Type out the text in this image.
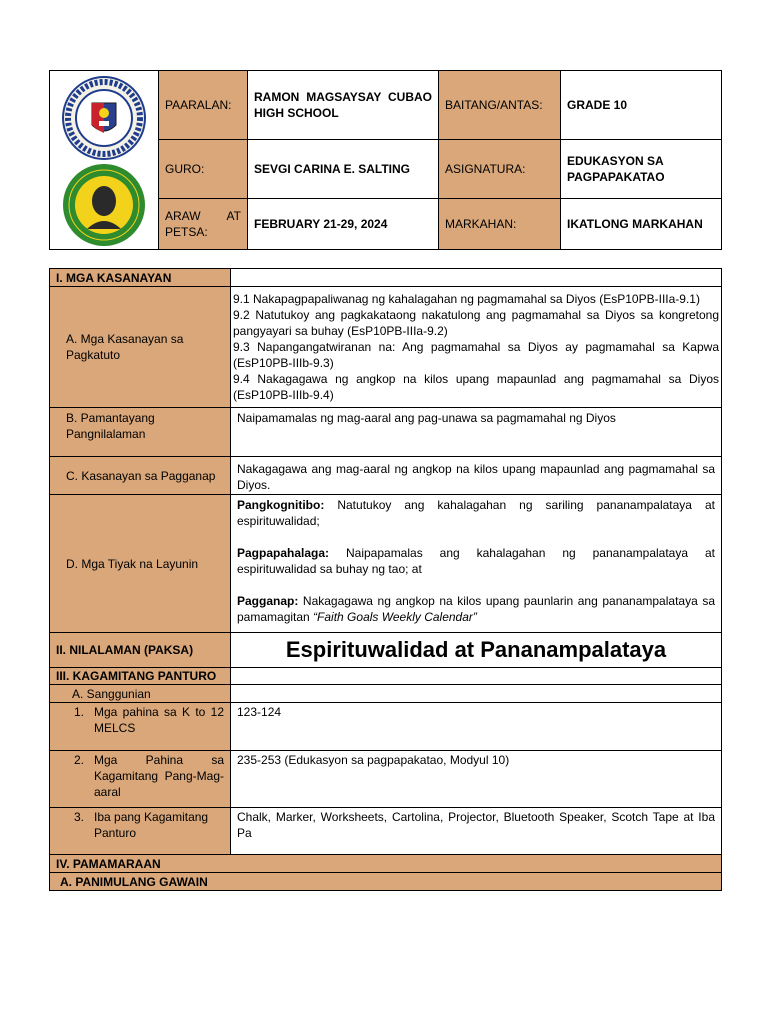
	PAARALAN:	RAMON MAGSAYSAY CUBAO HIGH SCHOOL	BAITANG/ANTAS:	GRADE 10
	GURO:	SEVGI CARINA E. SALTING	ASIGNATURA:	EDUKASYON SA PAGPAPAKATAO
	ARAW AT PETSA:	FEBRUARY 21-29, 2024	MARKAHAN:	IKATLONG MARKAHAN
I. MGA KASANAYAN	
A. Mga Kasanayan sa Pagkatuto	9.1 Nakapagpapaliwanag ng kahalagahan ng pagmamahal sa Diyos (EsP10PB-IIIa-9.1)
9.2 Natutukoy ang pagkakataong nakatulong ang pagmamahal sa Diyos sa kongretong pangyayari sa buhay (EsP10PB-IIIa-9.2)
9.3 Napangangatwiranan na: Ang pagmamahal sa Diyos ay pagmamahal sa Kapwa (EsP10PB-IIIb-9.3)
9.4 Nakagagawa ng angkop na kilos upang mapaunlad ang pagmamahal sa Diyos (EsP10PB-IIIb-9.4)

B. Pamantayang Pangnilalaman	Naipamamalas ng mag-aaral ang pag-unawa sa pagmamahal ng Diyos
C. Kasanayan sa Pagganap	Nakagagawa ang mag-aaral ng angkop na kilos upang mapaunlad ang pagmamahal sa Diyos.
D. Mga Tiyak na Layunin	Pangkognitibo: Natutukoy ang kahalagahan ng sariling pananampalataya at espirituwalidad;
Pagpapahalaga: Naipapamalas ang kahalagahan ng pananampalataya at espirituwalidad sa buhay ng tao; at
Pagganap: Nakagagawa ng angkop na kilos upang paunlarin ang pananampalataya sa pamamagitan “Faith Goals Weekly Calendar”

II. NILALAMAN (PAKSA)	Espirituwalidad at Pananampalataya
III. KAGAMITANG PANTURO	
A. Sanggunian	

1. Mga pahina sa K to 12 MELCS	123-124

2. Mga Pahina sa Kagamitang Pang-Mag-aaral	235-253 (Edukasyon sa pagpapakatao, Modyul 10)

3. Iba pang Kagamitang Panturo	Chalk, Marker, Worksheets, Cartolina, Projector, Bluetooth Speaker, Scotch Tape at Iba Pa
IV. PAMAMARAAN	
A. PANIMULANG GAWAIN	
